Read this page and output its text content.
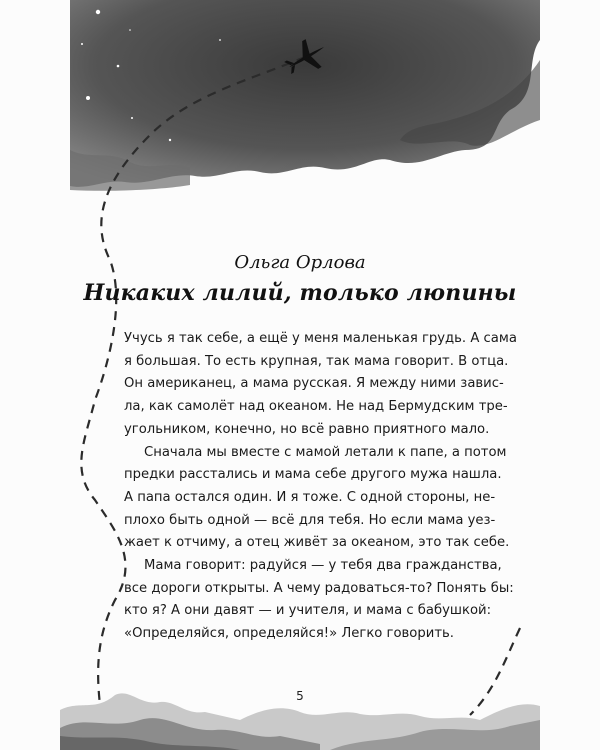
Ольга Орлова
Никаких лилий, только люпины
Учусь я так себе, а ещё у меня маленькая грудь. А сама
я большая. То есть крупная, так мама говорит. В отца.
Он американец, а мама русская. Я между ними завис-
ла, как самолёт над океаном. Не над Бермудским тре-
угольником, конечно, но всё равно приятного мало.
Сначала мы вместе с мамой летали к папе, а потом
предки расстались и мама себе другого мужа нашла.
А папа остался один. И я тоже. С одной стороны, не-
плохо быть одной — всё для тебя. Но если мама уез-
жает к отчиму, а отец живёт за океаном, это так себе.
Мама говорит: радуйся — у тебя два гражданства,
все дороги открыты. А чему радоваться-то? Понять бы:
кто я? А они давят — и учителя, и мама с бабушкой:
«Определяйся, определяйся!» Легко говорить.
5
